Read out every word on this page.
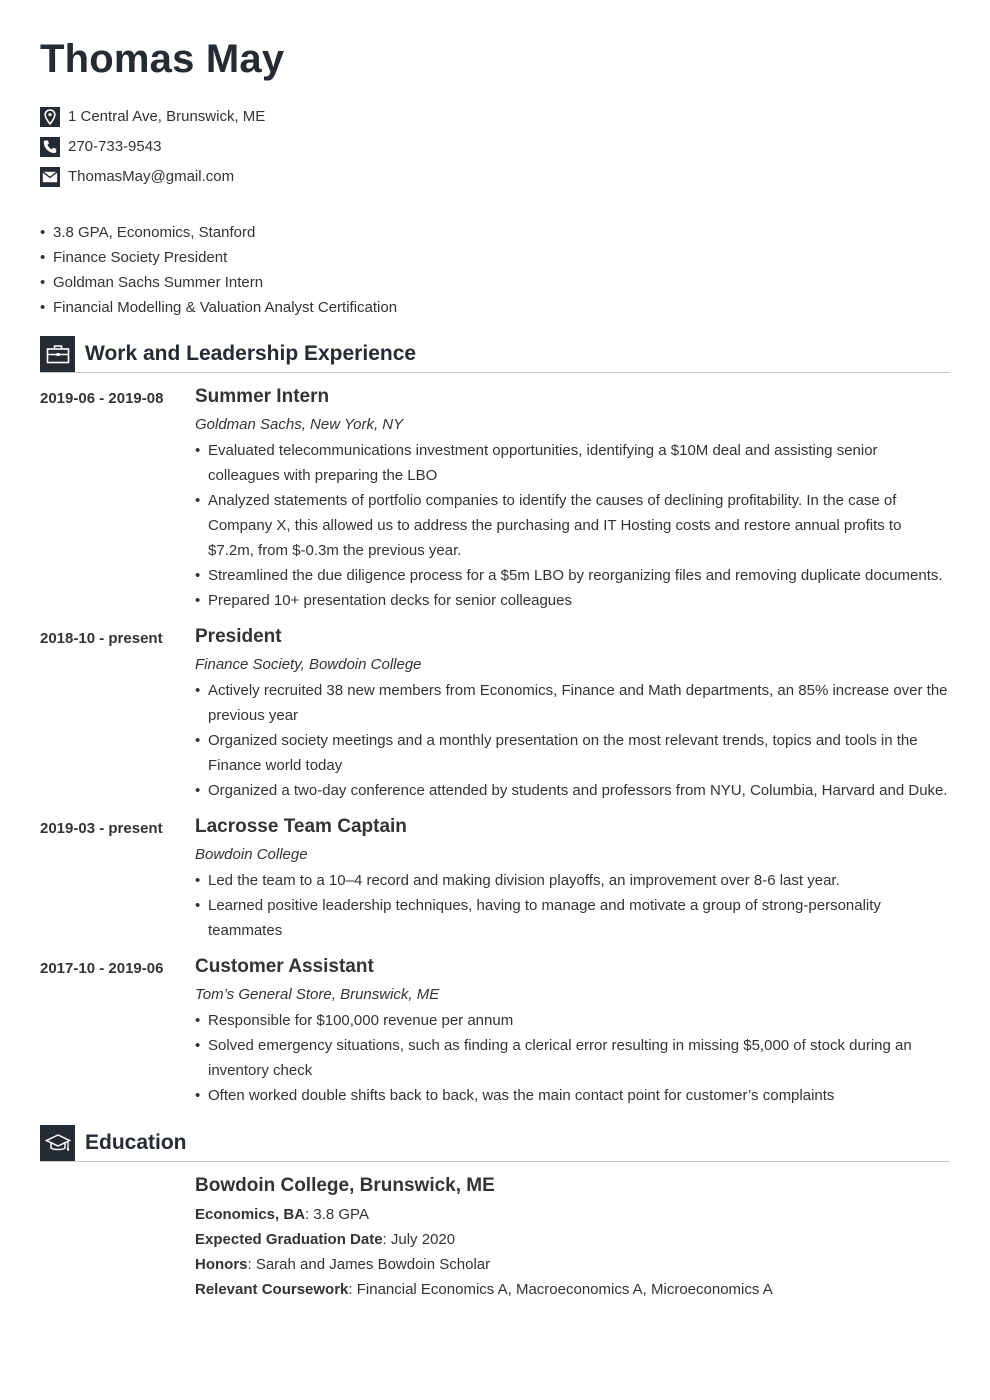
Thomas May
1 Central Ave, Brunswick, ME
270-733-9543
ThomasMay@gmail.com
• 3.8 GPA, Economics, Stanford
• Finance Society President
• Goldman Sachs Summer Intern
• Financial Modelling & Valuation Analyst Certification
Work and Leadership Experience
2019-06 - 2019-08 Summer Intern
Goldman Sachs, New York, NY
• Evaluated telecommunications investment opportunities, identifying a $10M deal and assisting senior colleagues with preparing the LBO
• Analyzed statements of portfolio companies to identify the causes of declining profitability. In the case of Company X, this allowed us to address the purchasing and IT Hosting costs and restore annual profits to $7.2m, from $-0.3m the previous year.
• Streamlined the due diligence process for a $5m LBO by reorganizing files and removing duplicate documents.
• Prepared 10+ presentation decks for senior colleagues
2018-10 - present President
Finance Society, Bowdoin College
• Actively recruited 38 new members from Economics, Finance and Math departments, an 85% increase over the previous year
• Organized society meetings and a monthly presentation on the most relevant trends, topics and tools in the Finance world today
• Organized a two-day conference attended by students and professors from NYU, Columbia, Harvard and Duke.
2019-03 - present Lacrosse Team Captain
Bowdoin College
• Led the team to a 10–4 record and making division playoffs, an improvement over 8-6 last year.
• Learned positive leadership techniques, having to manage and motivate a group of strong-personality teammates
2017-10 - 2019-06 Customer Assistant
Tom’s General Store, Brunswick, ME
• Responsible for $100,000 revenue per annum
• Solved emergency situations, such as finding a clerical error resulting in missing $5,000 of stock during an inventory check
• Often worked double shifts back to back, was the main contact point for customer’s complaints
Education
Bowdoin College, Brunswick, ME
Economics, BA: 3.8 GPA
Expected Graduation Date: July 2020
Honors: Sarah and James Bowdoin Scholar
Relevant Coursework: Financial Economics A, Macroeconomics A, Microeconomics A
